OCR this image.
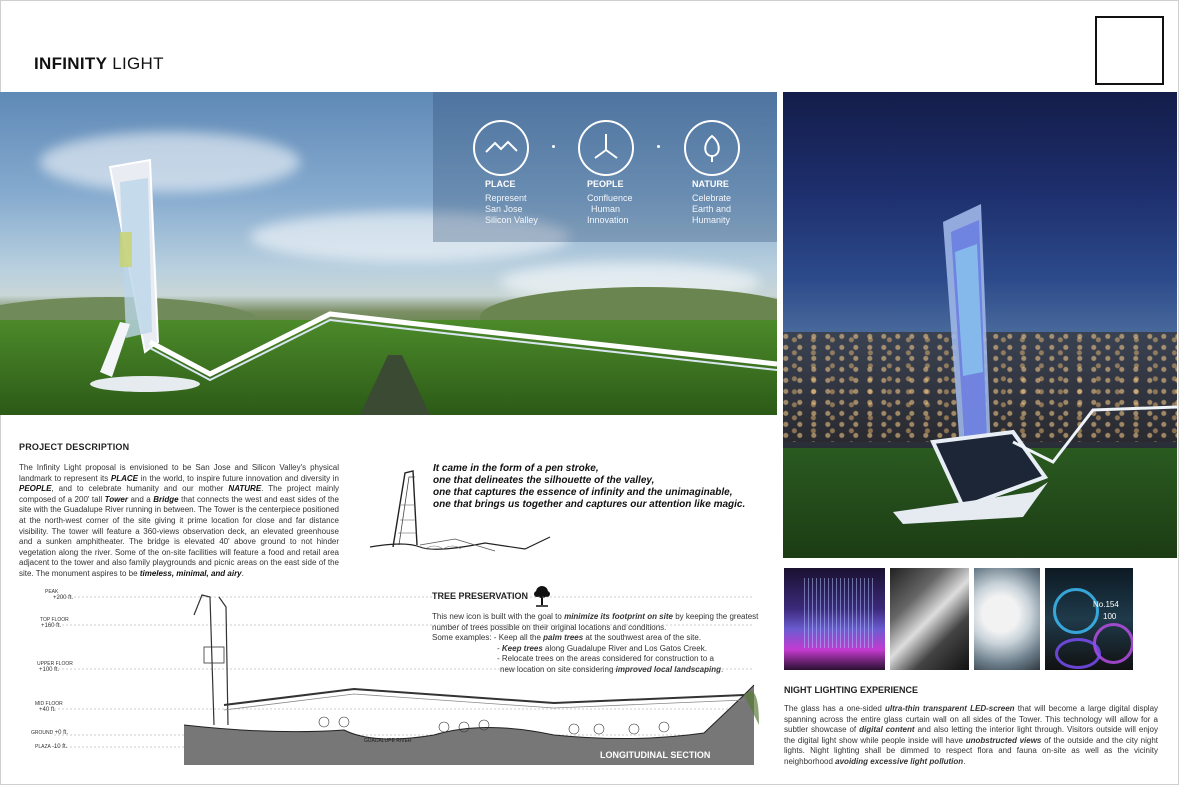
INFINITY LIGHT
PLACE	PEOPLE	NATURE
Represent
San Jose
Silicon Valley
Confluence
Human
Innovation
Celebrate
Earth and
Humanity
PROJECT DESCRIPTION
The Infinity Light proposal is envisioned to be San Jose and Silicon Valley's physical landmark to represent its PLACE in the world, to inspire future innovation and diversity in PEOPLE, and to celebrate humanity and our mother NATURE. The project mainly composed of a 200' tall Tower and a Bridge that connects the west and east sides of the site with the Guadalupe River running in between. The Tower is the centerpiece positioned at the north-west corner of the site giving it prime location for close and far distance visibility. The tower will feature a 360-views observation deck, an elevated greenhouse and a sunken amphitheater. The bridge is elevated 40' above ground to not hinder vegetation along the river. Some of the on-site facilities will feature a food and retail area adjacent to the tower and also family playgrounds and picnic areas on the east side of the site. The monument aspires to be timeless, minimal, and airy.
It came in the form of a pen stroke,
one that delineates the silhouette of the valley,
one that captures the essence of infinity and the unimaginable,
one that brings us together and captures our attention like magic.
TREE PRESERVATION
This new icon is built with the goal to minimize its footprint on site by keeping the greatest number of trees possible on their original locations and conditions.
Some examples: - Keep all the palm trees at the southwest area of the site.
- Keep trees along Guadalupe River and Los Gatos Creek.
- Relocate trees on the areas considered for construction to a
new location on site considering improved local landscaping.
GUADALUPE RIVER
LONGITUDINAL SECTION
PEAK
+200 ft.
TOP FLOOR
+160 ft.
UPPER FLOOR
+100 ft.
MID FLOOR
+40 ft.
GROUND +0 ft.
PLAZA -10 ft.
No.154
100
NIGHT LIGHTING EXPERIENCE
The glass has a one-sided ultra-thin transparent LED-screen that will become a large digital display spanning across the entire glass curtain wall on all sides of the Tower. This technology will allow for a subtler showcase of digital content and also letting the interior light through. Visitors outside will enjoy the digital light show while people inside will have unobstructed views of the outside and the city night lights. Night lighting shall be dimmed to respect flora and fauna on-site as well as the vicinity neighborhood avoiding excessive light pollution.
